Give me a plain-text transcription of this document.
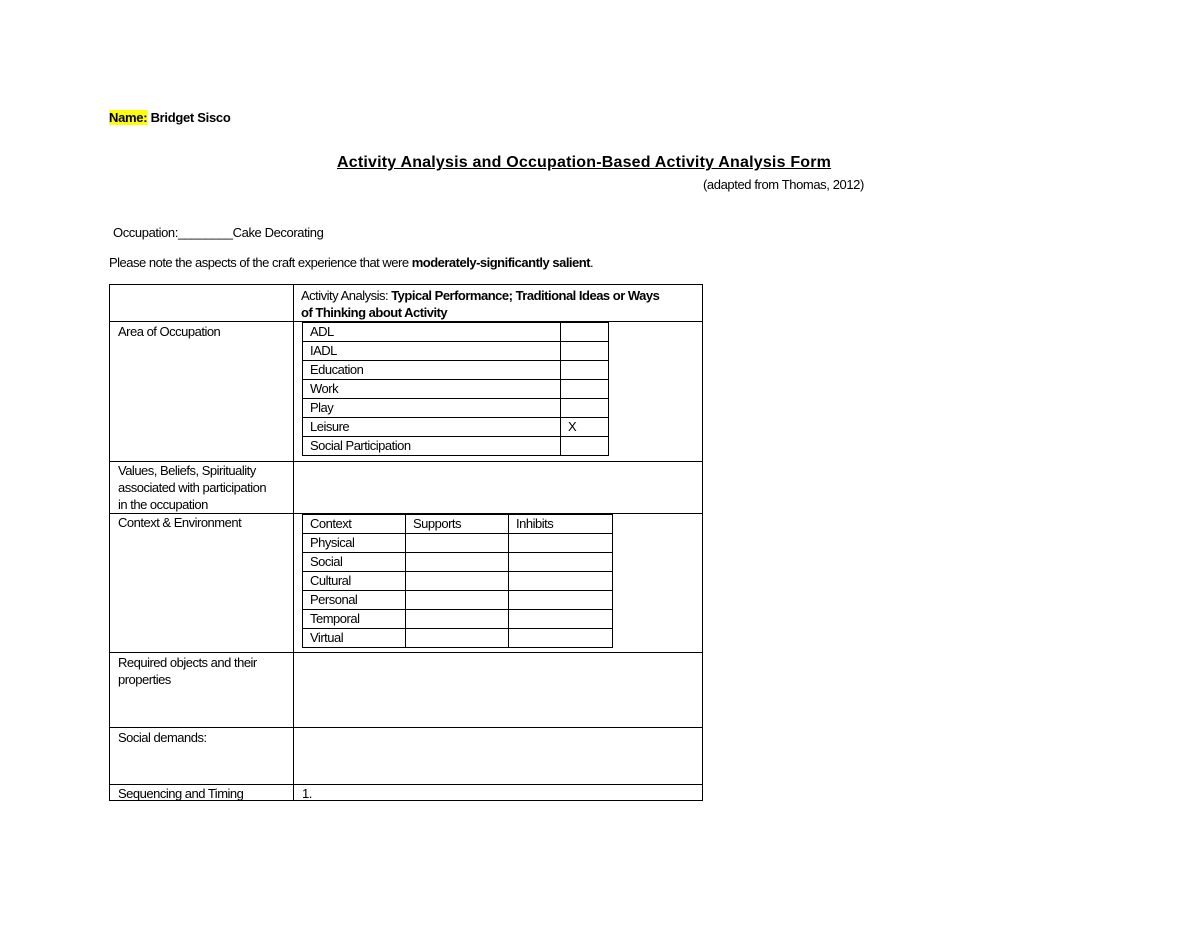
Name: Bridget Sisco
Activity Analysis and Occupation-Based Activity Analysis Form
(adapted from Thomas, 2012)
Occupation:________Cake Decorating
Please note the aspects of the craft experience that were moderately-significantly salient.
Activity Analysis: Typical Performance; Traditional Ideas or Ways
of Thinking about Activity
Area of Occupation	ADL	
IADL	
Education	
Work	
Play	
Leisure	X
Social Participation	
Values, Beliefs, Spirituality
associated with participation
in the occupation
Context & Environment	Context	Supports	Inhibits
Physical		
Social		
Cultural		
Personal		
Temporal		
Virtual		
Required objects and their
properties
Social demands:
Sequencing and Timing	1.
